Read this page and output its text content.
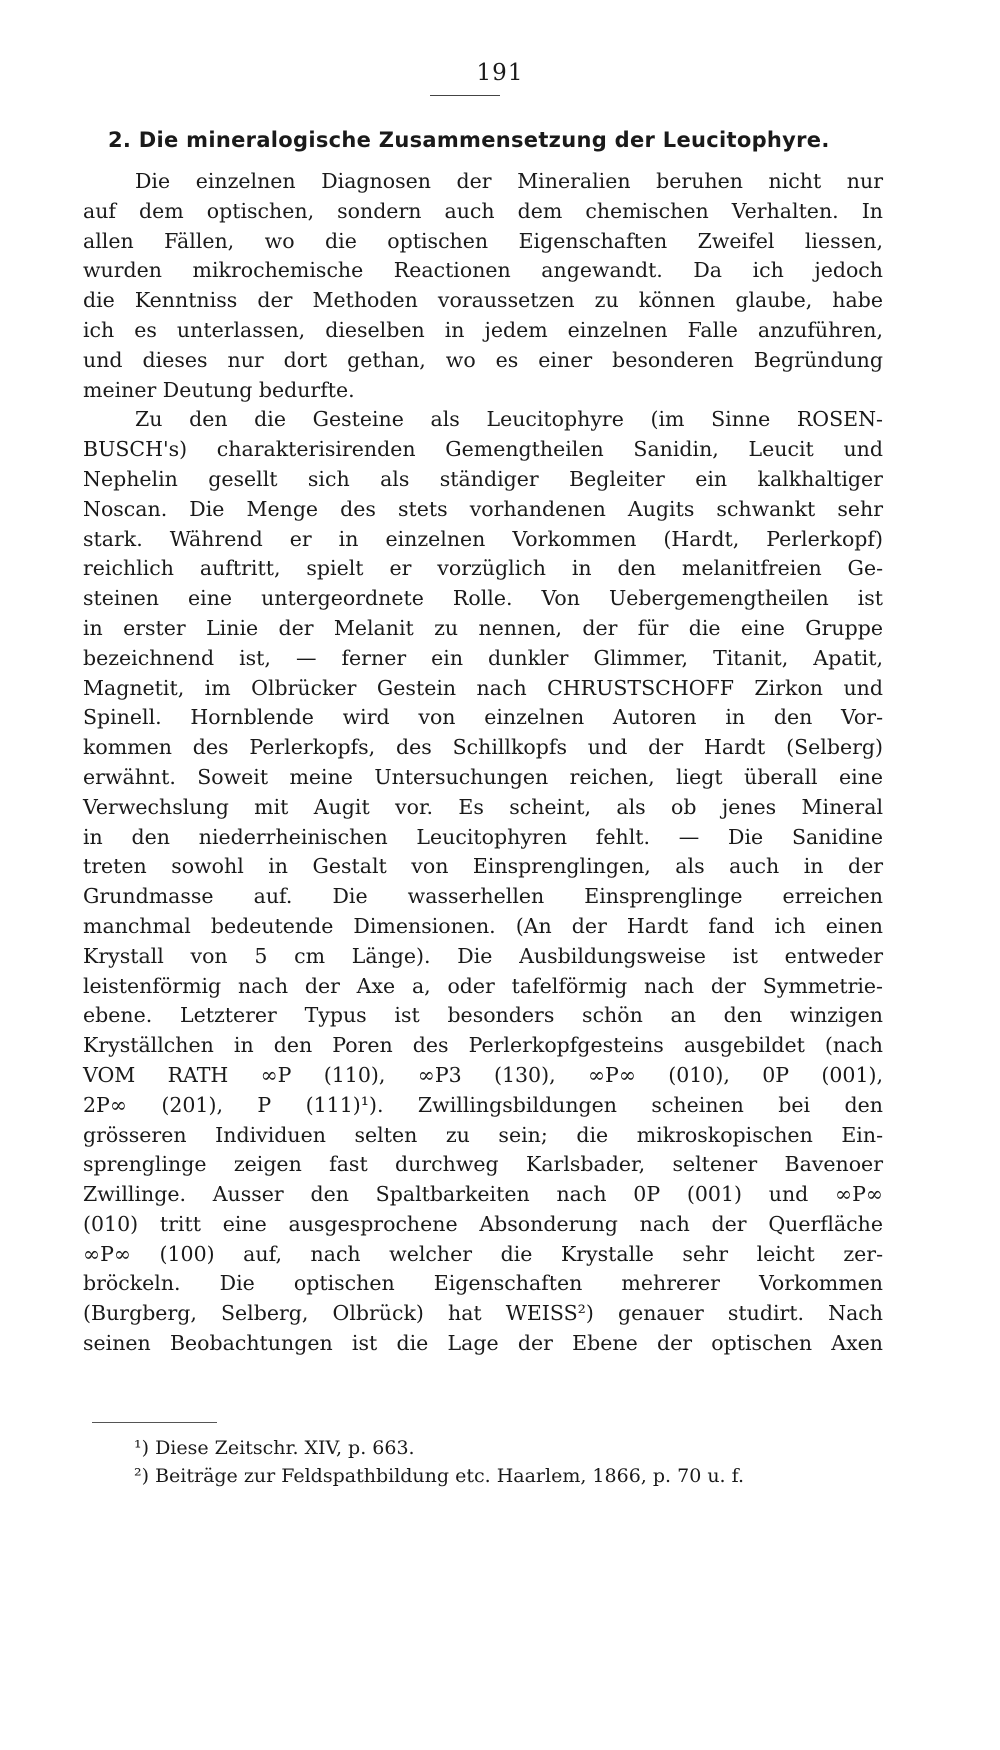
191
2. Die mineralogische Zusammensetzung der Leucitophyre.
Die einzelnen Diagnosen der Mineralien beruhen nicht nur
auf dem optischen, sondern auch dem chemischen Verhalten. In
allen Fällen, wo die optischen Eigenschaften Zweifel liessen,
wurden mikrochemische Reactionen angewandt. Da ich jedoch
die Kenntniss der Methoden voraussetzen zu können glaube, habe
ich es unterlassen, dieselben in jedem einzelnen Falle anzuführen,
und dieses nur dort gethan, wo es einer besonderen Begründung
meiner Deutung bedurfte.
Zu den die Gesteine als Leucitophyre (im Sinne ROSEN-
BUSCH's) charakterisirenden Gemengtheilen Sanidin, Leucit und
Nephelin gesellt sich als ständiger Begleiter ein kalkhaltiger
Noscan. Die Menge des stets vorhandenen Augits schwankt sehr
stark. Während er in einzelnen Vorkommen (Hardt, Perlerkopf)
reichlich auftritt, spielt er vorzüglich in den melanitfreien Ge-
steinen eine untergeordnete Rolle. Von Uebergemengtheilen ist
in erster Linie der Melanit zu nennen, der für die eine Gruppe
bezeichnend ist, — ferner ein dunkler Glimmer, Titanit, Apatit,
Magnetit, im Olbrücker Gestein nach CHRUSTSCHOFF Zirkon und
Spinell. Hornblende wird von einzelnen Autoren in den Vor-
kommen des Perlerkopfs, des Schillkopfs und der Hardt (Selberg)
erwähnt. Soweit meine Untersuchungen reichen, liegt überall eine
Verwechslung mit Augit vor. Es scheint, als ob jenes Mineral
in den niederrheinischen Leucitophyren fehlt. — Die Sanidine
treten sowohl in Gestalt von Einsprenglingen, als auch in der
Grundmasse auf. Die wasserhellen Einsprenglinge erreichen
manchmal bedeutende Dimensionen. (An der Hardt fand ich einen
Krystall von 5 cm Länge). Die Ausbildungsweise ist entweder
leistenförmig nach der Axe a, oder tafelförmig nach der Symmetrie-
ebene. Letzterer Typus ist besonders schön an den winzigen
Kryställchen in den Poren des Perlerkopfgesteins ausgebildet (nach
VOM RATH ∞P (110), ∞P3 (130), ∞P∞ (010), 0P (001),
2P∞ (201), P (111)¹). Zwillingsbildungen scheinen bei den
grösseren Individuen selten zu sein; die mikroskopischen Ein-
sprenglinge zeigen fast durchweg Karlsbader, seltener Bavenoer
Zwillinge. Ausser den Spaltbarkeiten nach 0P (001) und ∞P∞
(010) tritt eine ausgesprochene Absonderung nach der Querfläche
∞P∞ (100) auf, nach welcher die Krystalle sehr leicht zer-
bröckeln. Die optischen Eigenschaften mehrerer Vorkommen
(Burgberg, Selberg, Olbrück) hat WEISS²) genauer studirt. Nach
seinen Beobachtungen ist die Lage der Ebene der optischen Axen
¹) Diese Zeitschr. XIV, p. 663.
²) Beiträge zur Feldspathbildung etc. Haarlem, 1866, p. 70 u. f.
